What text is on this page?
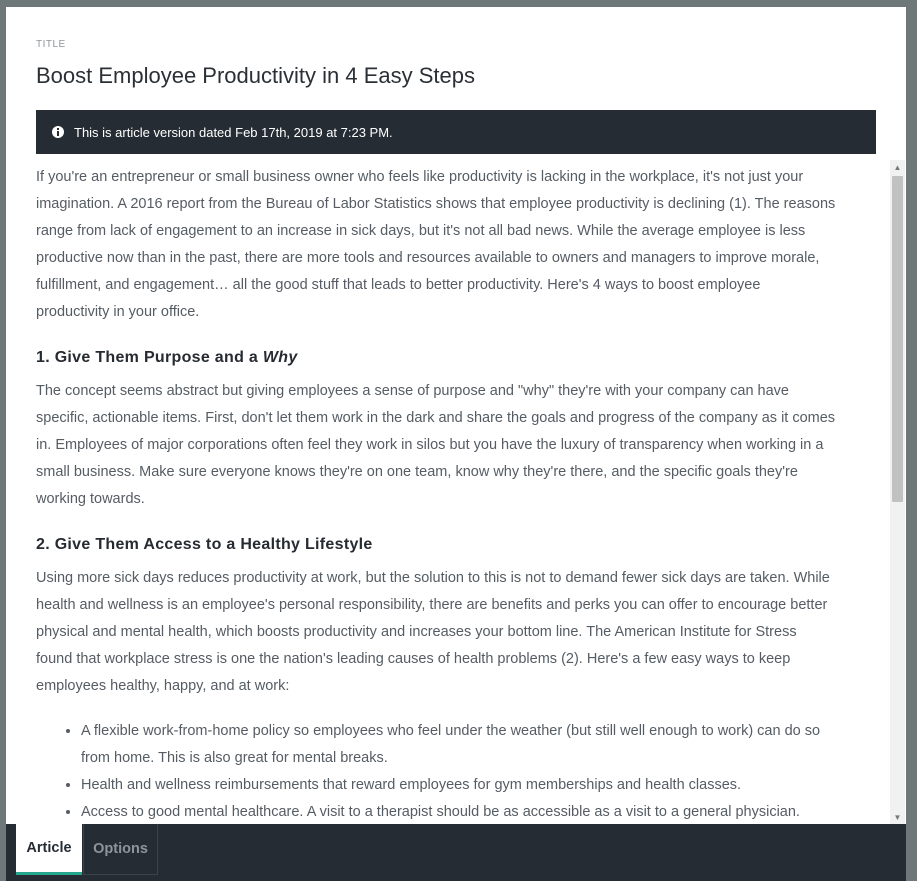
TITLE
Boost Employee Productivity in 4 Easy Steps
This is article version dated Feb 17th, 2019 at 7:23 PM.

If you're an entrepreneur or small business owner who feels like productivity is lacking in the workplace, it's not just your imagination. A 2016 report from the Bureau of Labor Statistics shows that employee productivity is declining (1). The reasons range from lack of engagement to an increase in sick days, but it's not all bad news. While the average employee is less productive now than in the past, there are more tools and resources available to owners and managers to improve morale, fulfillment, and engagement… all the good stuff that leads to better productivity. Here's 4 ways to boost employee productivity in your office.

1. Give Them Purpose and a Why

The concept seems abstract but giving employees a sense of purpose and "why" they're with your company can have specific, actionable items. First, don't let them work in the dark and share the goals and progress of the company as it comes in. Employees of major corporations often feel they work in silos but you have the luxury of transparency when working in a small business. Make sure everyone knows they're on one team, know why they're there, and the specific goals they're working towards.

2. Give Them Access to a Healthy Lifestyle

Using more sick days reduces productivity at work, but the solution to this is not to demand fewer sick days are taken. While health and wellness is an employee's personal responsibility, there are benefits and perks you can offer to encourage better physical and mental health, which boosts productivity and increases your bottom line. The American Institute for Stress found that workplace stress is one the nation's leading causes of health problems (2). Here's a few easy ways to keep employees healthy, happy, and at work:

• A flexible work-from-home policy so employees who feel under the weather (but still well enough to work) can do so from home. This is also great for mental breaks.
• Health and wellness reimbursements that reward employees for gym memberships and health classes.
• Access to good mental healthcare. A visit to a therapist should be as accessible as a visit to a general physician.
▲
▼
Article	Options
